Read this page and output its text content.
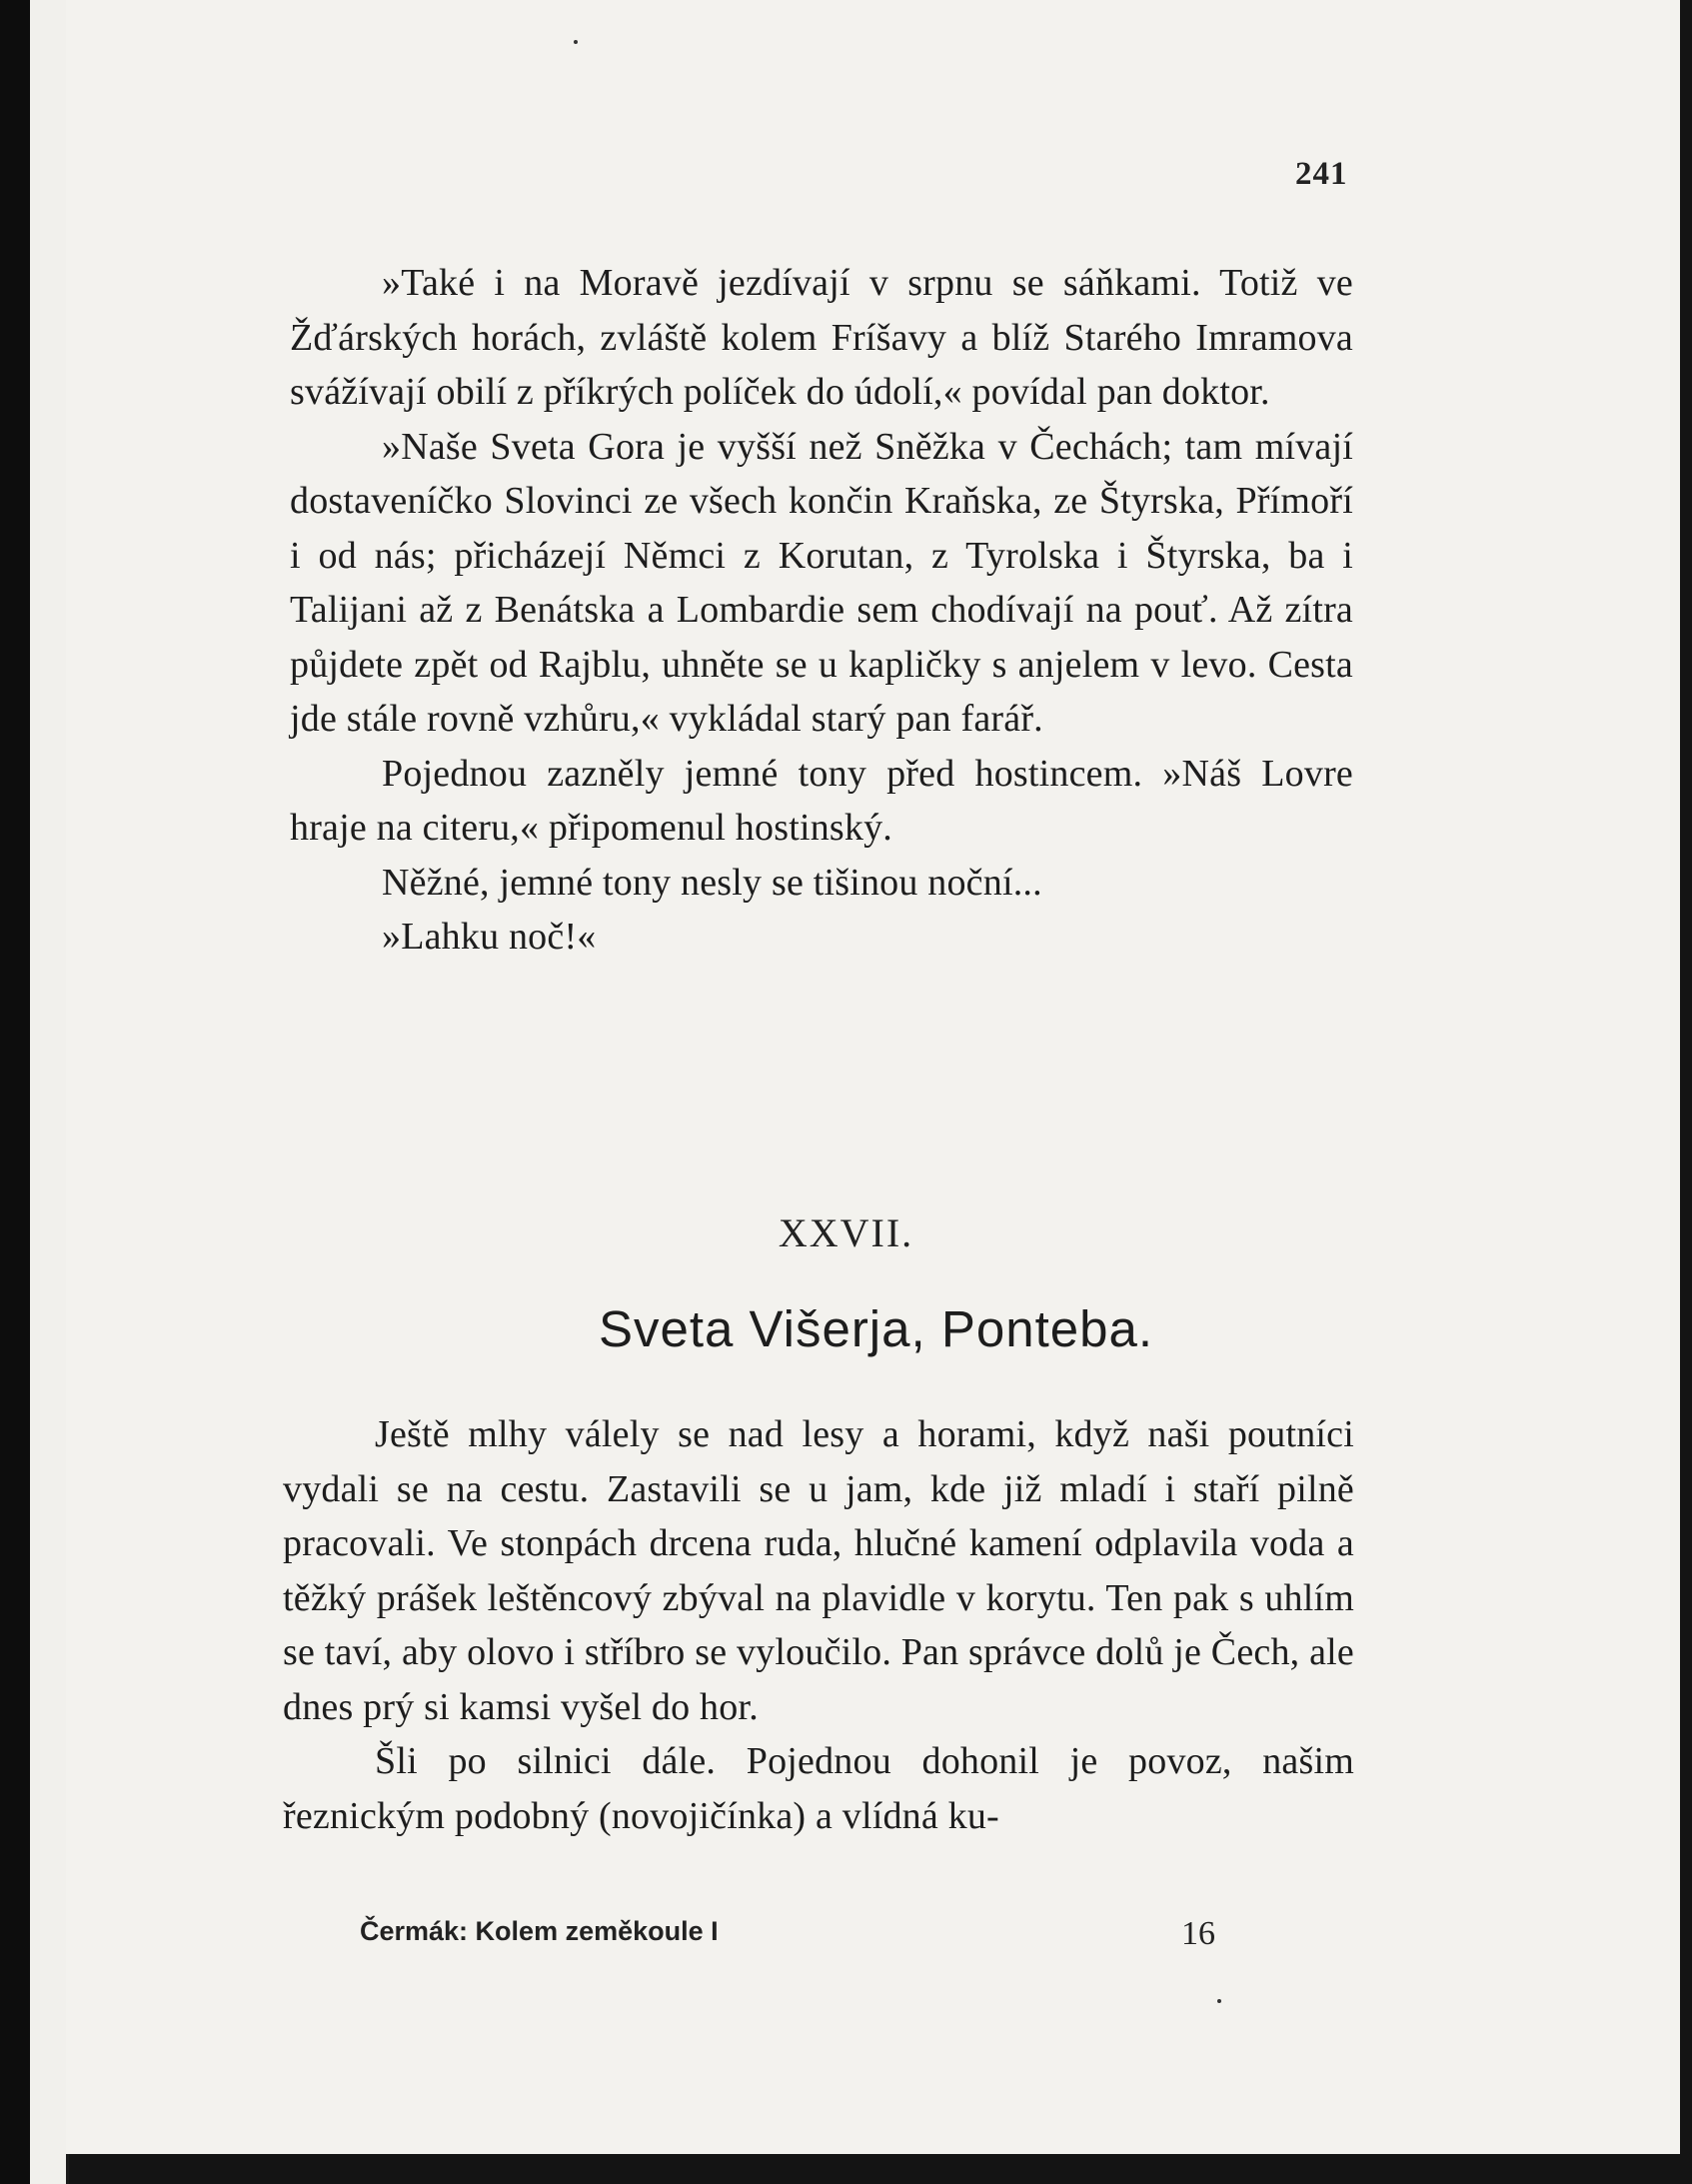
241

»Také i na Moravě jezdívají v srpnu se sáňkami. Totiž ve Žďárských horách, zvláště kolem Fríšavy a blíž Starého Imramova svážívají obilí z příkrých políček do údolí,« povídal pan doktor.

»Naše Sveta Gora je vyšší než Sněžka v Čechách; tam mívají dostaveníčko Slovinci ze všech končin Kraňska, ze Štyrska, Přímoří i od nás; přicházejí Němci z Korutan, z Tyrolska i Štyrska, ba i Talijani až z Benátska a Lombardie sem chodívají na pouť. Až zítra půjdete zpět od Rajblu, uhněte se u kapličky s anjelem v levo. Cesta jde stále rovně vzhůru,« vykládal starý pan farář.

Pojednou zazněly jemné tony před hostincem. »Náš Lovre hraje na citeru,« připomenul hostinský.

Něžné, jemné tony nesly se tišinou noční...

»Lahku noč!«

XXVII.
Sveta Višerja, Ponteba.

Ještě mlhy válely se nad lesy a horami, když naši poutníci vydali se na cestu. Zastavili se u jam, kde již mladí i staří pilně pracovali. Ve stonpách drcena ruda, hlučné kamení odplavila voda a těžký prášek leštěncový zbýval na plavidle v korytu. Ten pak s uhlím se taví, aby olovo i stříbro se vyloučilo. Pan správce dolů je Čech, ale dnes prý si kamsi vyšel do hor.

Šli po silnici dále. Pojednou dohonil je povoz, našim řeznickým podobný (novojičínka) a vlídná ku-

Čermák: Kolem zeměkoule I	16
